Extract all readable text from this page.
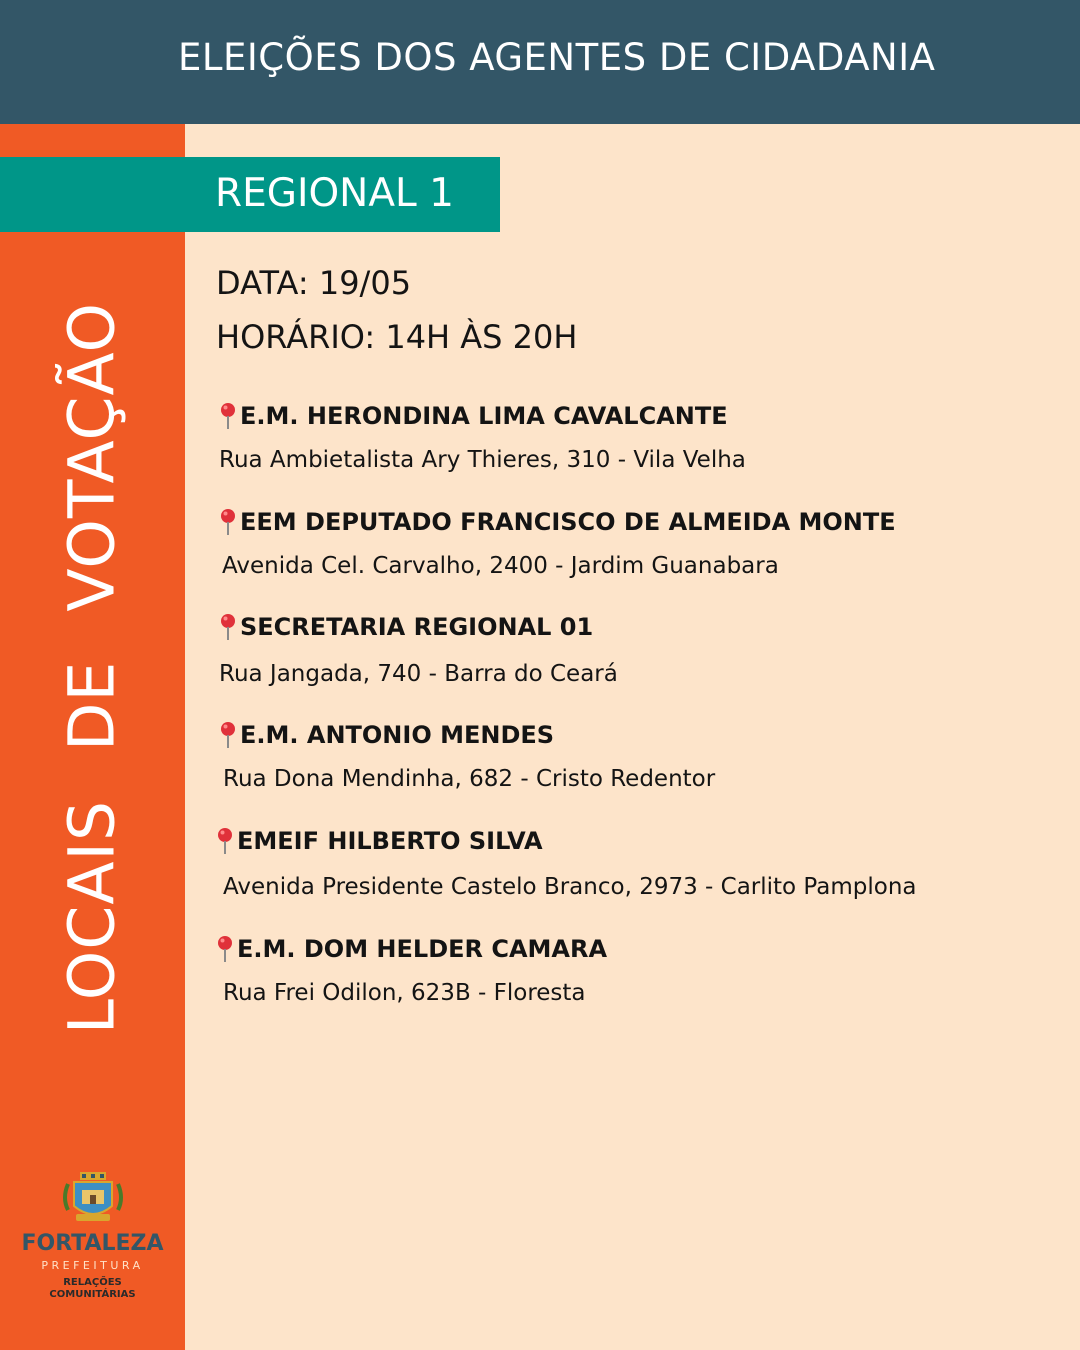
ELEIÇÕES DOS AGENTES DE CIDADANIA
LOCAIS DE VOTAÇÃO
REGIONAL 1
DATA: 19/05
HORÁRIO: 14H ÀS 20H
E.M. HERONDINA LIMA CAVALCANTE
Rua Ambietalista Ary Thieres, 310 - Vila Velha
EEM DEPUTADO FRANCISCO DE ALMEIDA MONTE
Avenida Cel. Carvalho, 2400 - Jardim Guanabara
SECRETARIA REGIONAL 01
Rua Jangada, 740 - Barra do Ceará
E.M. ANTONIO MENDES
Rua Dona Mendinha, 682 - Cristo Redentor
EMEIF HILBERTO SILVA
Avenida Presidente Castelo Branco, 2973 - Carlito Pamplona
E.M. DOM HELDER CAMARA
Rua Frei Odilon, 623B - Floresta
FORTALEZA
PREFEITURA
RELAÇÕES
COMUNITÁRIAS
